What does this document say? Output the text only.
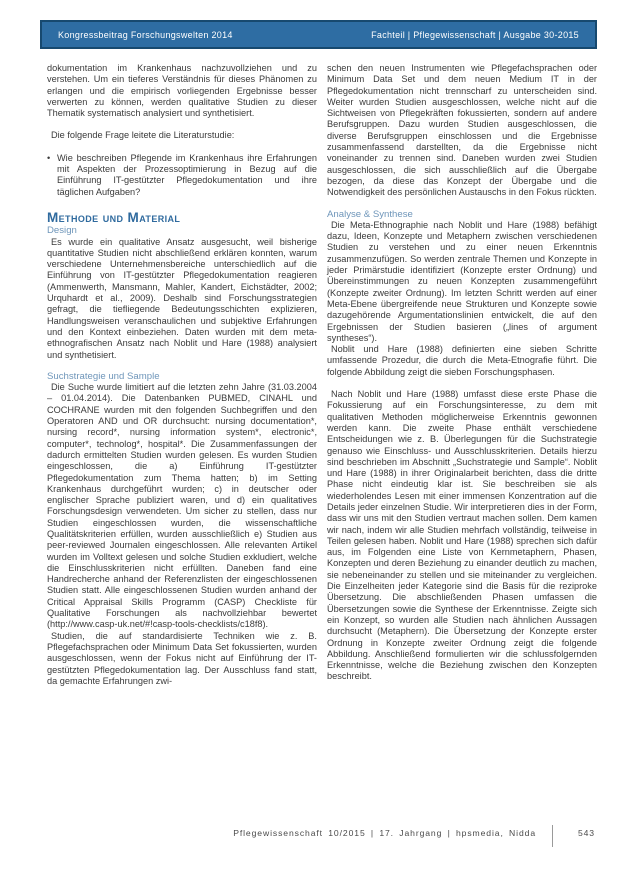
Kongressbeitrag Forschungswelten 2014	Fachteil | Pflegewissenschaft | Ausgabe 30-2015

dokumentation im Krankenhaus nachzuvollziehen und zu verstehen. Um ein tieferes Verständnis für dieses Phänomen zu erlangen und die empirisch vorliegenden Ergebnisse besser verwerten zu können, werden qualitative Studien zu dieser Thematik systematisch analysiert und synthetisiert.

Die folgende Frage leitete die Literaturstudie:

• Wie beschreiben Pflegende im Krankenhaus ihre Erfahrungen mit Aspekten der Prozessoptimierung in Bezug auf die Einführung IT-gestützter Pflegedokumentation und ihre täglichen Aufgaben?
Methode und Material
Design

Es wurde ein qualitative Ansatz ausgesucht, weil bisherige quantitative Studien nicht abschließend erklären konnten, warum verschiedene Unternehmensbereiche unterschiedlich auf die Einführung von IT-gestützter Pflegedokumentation reagieren (Ammenwerth, Mansmann, Mahler, Kandert, Eichstädter, 2002; Urquhardt et al., 2009). Deshalb sind Forschungsstrategien gefragt, die tiefliegende Bedeutungsschichten explizieren, Handlungsweisen veranschaulichen und subjektive Erfahrungen und den Kontext einbeziehen. Daten wurden mit dem meta-ethnografischen Ansatz nach Noblit und Hare (1988) analysiert und synthetisiert.

Suchstrategie und Sample

Die Suche wurde limitiert auf die letzten zehn Jahre (31.03.2004 – 01.04.2014). Die Datenbanken PUBMED, CINAHL und COCHRANE wurden mit den folgenden Suchbegriffen und den Operatoren AND und OR durchsucht: nursing documentation*, nursing record*, nursing information system*, electronic*, computer*, technolog*, hospital*. Die Zusammenfassungen der dadurch ermittelten Studien wurden gelesen. Es wurden Studien eingeschlossen, die a) Einführung IT-gestützter Pflegedokumentation zum Thema hatten; b) im Setting Krankenhaus durchgeführt wurden; c) in deutscher oder englischer Sprache publiziert waren, und d) ein qualitatives Forschungsdesign verwendeten. Um sicher zu stellen, dass nur Studien eingeschlossen wurden, die wissenschaftliche Qualitätskriterien erfüllen, wurden ausschließlich e) Studien aus peer-reviewed Journalen eingeschlossen. Alle relevanten Artikel wurden im Volltext gelesen und solche Studien exkludiert, welche die Einschlusskriterien nicht erfüllten. Daneben fand eine Handrecherche anhand der Referenzlisten der eingeschlossenen Studien statt. Alle eingeschlossenen Studien wurden anhand der Critical Appraisal Skills Programm (CASP) Checkliste für Qualitative Forschungen als nachvollziehbar bewertet (http://www.casp-uk.net/#!casp-tools-checklists/c18f8).

Studien, die auf standardisierte Techniken wie z. B. Pflegefachsprachen oder Minimum Data Set fokussierten, wurden ausgeschlossen, wenn der Fokus nicht auf Einführung der IT-gestützten Pflegedokumentation lag. Der Ausschluss fand statt, da gemachte Erfahrungen zwi-

schen den neuen Instrumenten wie Pflegefachsprachen oder Minimum Data Set und dem neuen Medium IT in der Pflegedokumentation nicht trennscharf zu unterscheiden sind. Weiter wurden Studien ausgeschlossen, welche nicht auf die Sichtweisen von Pflegekräften fokussierten, sondern auf andere Berufsgruppen. Dazu wurden Studien ausgeschlossen, die diverse Berufsgruppen einschlossen und die Ergebnisse zusammenfassend darstellten, da die Ergebnisse nicht voneinander zu trennen sind. Daneben wurden zwei Studien ausgeschlossen, die sich ausschließlich auf die Übergabe bezogen, da diese das Konzept der Übergabe und die Notwendigkeit des persönlichen Austauschs in den Fokus rückten.

Analyse & Synthese

Die Meta-Ethnographie nach Noblit und Hare (1988) befähigt dazu, Ideen, Konzepte und Metaphern zwischen verschiedenen Studien zu verstehen und zu einer neuen Erkenntnis zusammenzufügen. So werden zentrale Themen und Konzepte in jeder Primärstudie identifiziert (Konzepte erster Ordnung) und Übereinstimmungen zu neuen Konzepten zusammengeführt (Konzepte zweiter Ordnung). Im letzten Schritt werden auf einer Meta-Ebene übergreifende neue Strukturen und Konzepte sowie dazugehörende Argumentationslinien entwickelt, die auf den Ergebnissen der Studien basieren („lines of argument syntheses“).

Noblit und Hare (1988) definierten eine sieben Schritte umfassende Prozedur, die durch die Meta-Etnografie führt. Die folgende Abbildung zeigt die sieben Forschungsphasen.

Nach Noblit und Hare (1988) umfasst diese erste Phase die Fokussierung auf ein Forschungsinteresse, zu dem mit qualitativen Methoden möglicherweise Erkenntnis gewonnen werden kann. Die zweite Phase enthält verschiedene Entscheidungen wie z. B. Überlegungen für die Suchstrategie genauso wie Einschluss- und Ausschlusskriterien. Details hierzu sind beschrieben im Abschnitt „Suchstrategie und Sample“. Noblit und Hare (1988) in ihrer Originalarbeit berichten, dass die dritte Phase nicht eindeutig klar ist. Sie beschreiben sie als wiederholendes Lesen mit einer immensen Konzentration auf die Details jeder einzelnen Studie. Wir interpretieren dies in der Form, dass wir uns mit den Studien vertraut machen sollen. Dem kamen wir nach, indem wir alle Studien mehrfach vollständig, teilweise in Teilen gelesen haben. Noblit und Hare (1988) sprechen sich dafür aus, im Folgenden eine Liste von Kernmetaphern, Phasen, Konzepten und deren Beziehung zu einander deutlich zu machen, sie nebeneinander zu stellen und sie miteinander zu vergleichen. Die Einzelheiten jeder Kategorie sind die Basis für die reziproke Übersetzung. Die abschließenden Phasen umfassen die Übersetzungen sowie die Synthese der Erkenntnisse. Zeigte sich ein Konzept, so wurden alle Studien nach ähnlichen Aussagen durchsucht (Metaphern). Die Übersetzung der Konzepte erster Ordnung in Konzepte zweiter Ordnung zeigt die folgende Abbildung. Anschließend formulierten wir die schlussfolgernden Erkenntnisse, welche die Beziehung zwischen den Konzepten beschreibt.

Pflegewissenschaft 10/2015 | 17. Jahrgang | hpsmedia, Nidda	543
